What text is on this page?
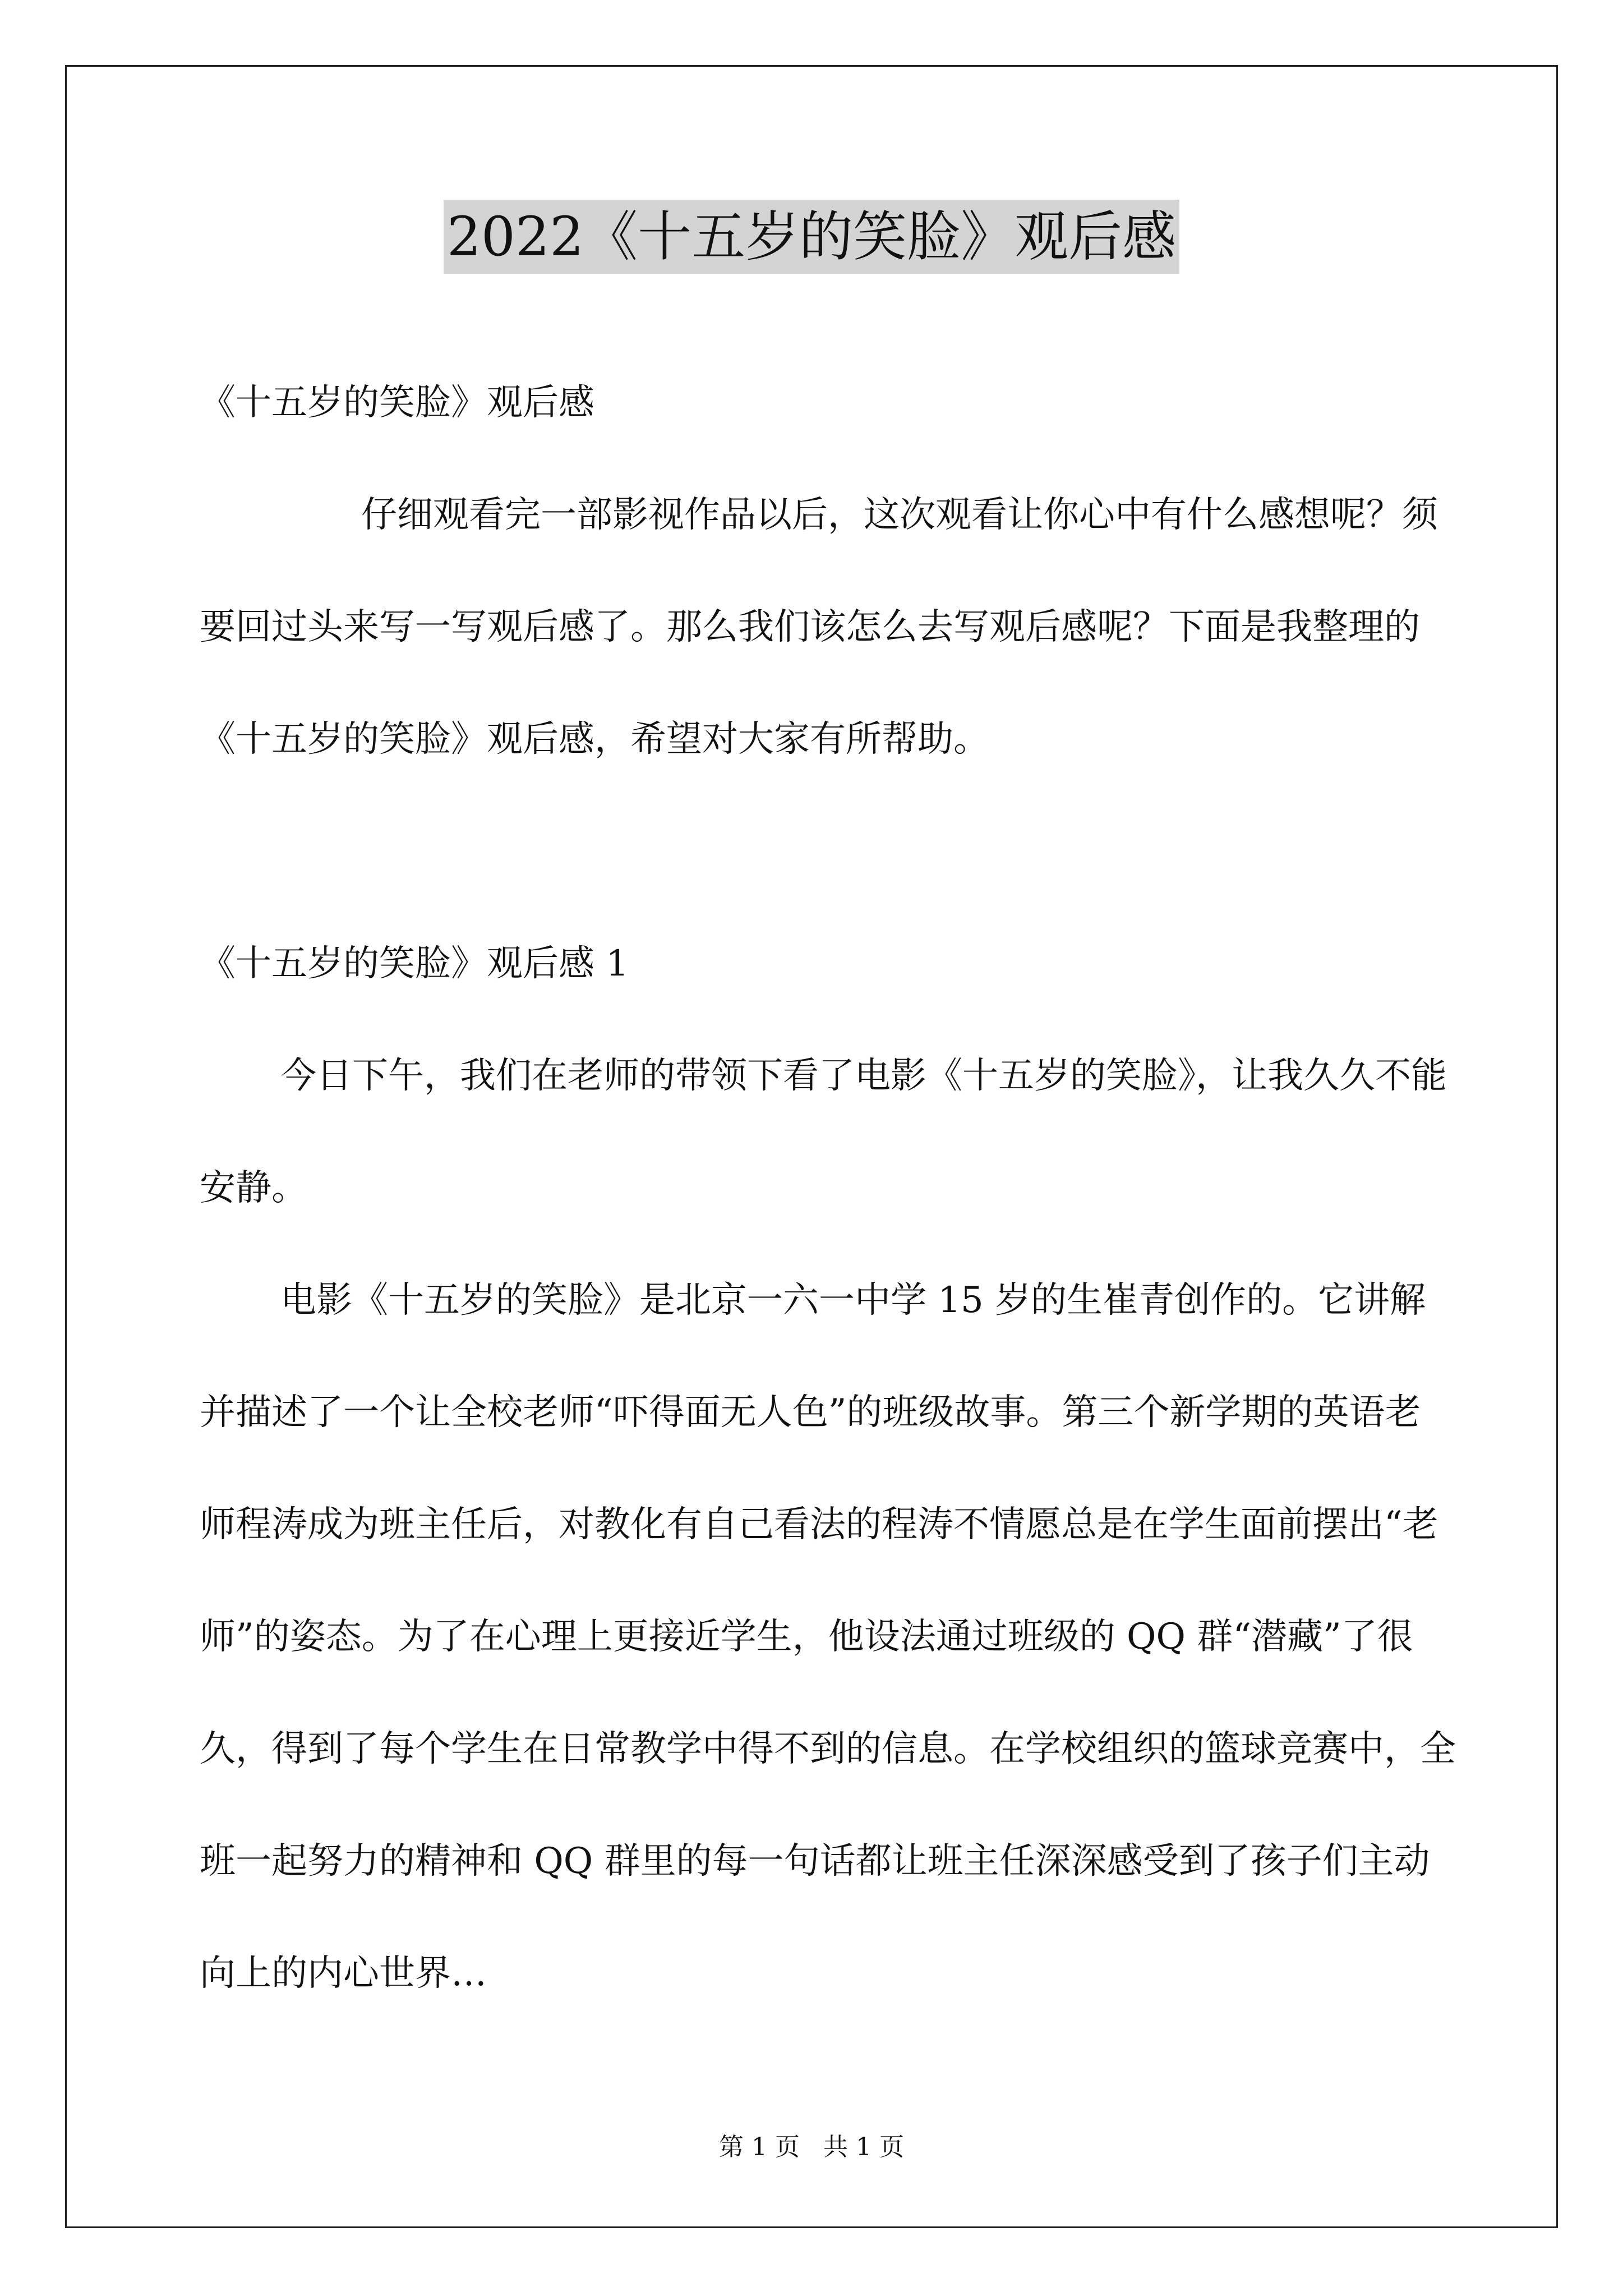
2022《十五岁的笑脸》观后感

《十五岁的笑脸》观后感

仔细观看完一部影视作品以后，这次观看让你心中有什么感想呢？须要回过头来写一写观后感了。那么我们该怎么去写观后感呢？下面是我整理的《十五岁的笑脸》观后感，希望对大家有所帮助。

《十五岁的笑脸》观后感 1

今日下午，我们在老师的带领下看了电影《十五岁的笑脸》，让我久久不能安静。

电影《十五岁的笑脸》是北京一六一中学 15 岁的生崔青创作的。它讲解并描述了一个让全校老师“吓得面无人色”的班级故事。第三个新学期的英语老师程涛成为班主任后，对教化有自己看法的程涛不情愿总是在学生面前摆出“老师”的姿态。为了在心理上更接近学生，他设法通过班级的 QQ 群“潜藏”了很久，得到了每个学生在日常教学中得不到的信息。在学校组织的篮球竞赛中，全班一起努力的精神和 QQ 群里的每一句话都让班主任深深感受到了孩子们主动向上的内心世界…

第 1 页   共 1 页
